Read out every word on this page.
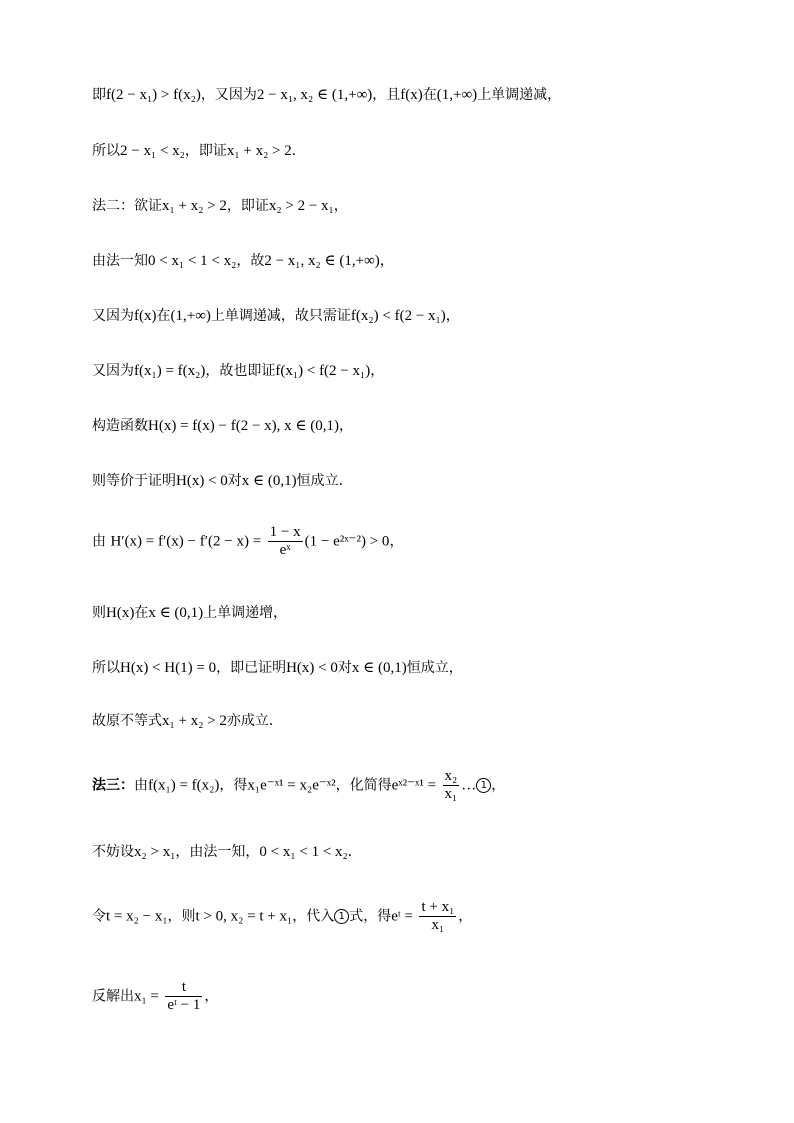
即f(2 − x₁) > f(x₂)，又因为2 − x₁, x₂ ∈ (1,+∞)，且f(x)在(1,+∞)上单调递减，
所以2 − x₁ < x₂，即证x₁ + x₂ > 2．
法二：欲证x₁ + x₂ > 2，即证x₂ > 2 − x₁，
由法一知0 < x₁ < 1 < x₂，故2 − x₁, x₂ ∈ (1,+∞)，
又因为f(x)在(1,+∞)上单调递减，故只需证f(x₂) < f(2 − x₁)，
又因为f(x₁) = f(x₂)，故也即证f(x₁) < f(2 − x₁)，
构造函数H(x) = f(x) − f(2 − x), x ∈ (0,1)，
则等价于证明H(x) < 0对x ∈ (0,1)恒成立．
由 $H'(x) = f'(x) - f'(2 - x) = \frac{1 - x}{\text{eˣ}} (1$ − e²ˣ⁻²) > 0，
则H(x)在x ∈ (0,1)上单调递增，
所以H(x) < H(1) = 0，即已证明H(x) < 0对x ∈ (0,1)恒成立，
故原不等式x₁ + x₂ > 2亦成立．
法三：由f(x₁) = f(x₂)，得x₁e⁻ˣ¹ = x₂e⁻ˣ²，化简得eˣ²⁻ˣ¹ = $\frac{\text{x₂}}{\text{x₁}}$ … 1 ，
不妨设x₂ > x₁，由法一知，0 < x₁ < 1 < x₂．
令t = x₂ − x₁，则t > 0, x₂ = t + x₁，代入 1 式，得eᵗ = $\frac{\text{t + x₁}}{\text{x₁}}$ ，
反解出$x_1 = \frac{t}{\text{eᵗ − 1}}$ ，
